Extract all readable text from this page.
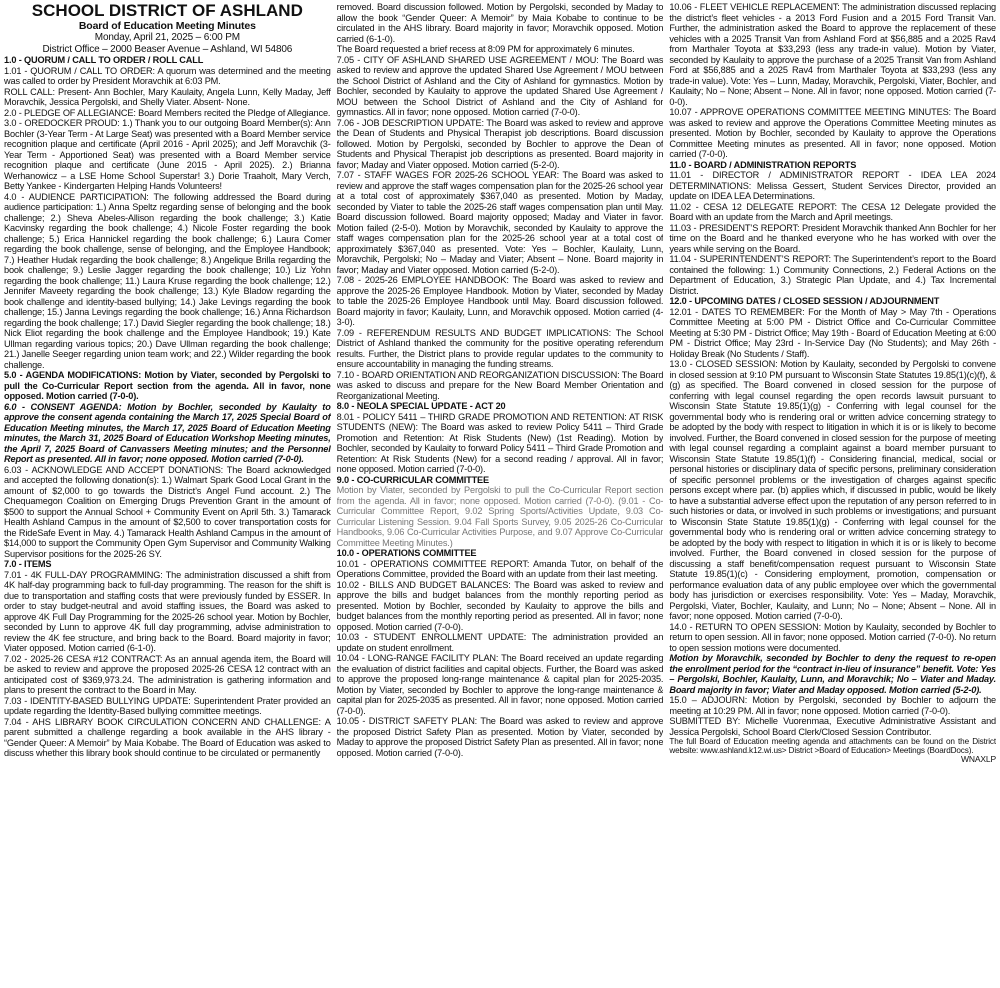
SCHOOL DISTRICT OF ASHLAND
Board of Education Meeting Minutes
Monday, April 21, 2025 – 6:00 PM
District Office – 2000 Beaser Avenue – Ashland, WI 54806

1.0 - QUORUM / CALL TO ORDER / ROLL CALL

1.01 - QUORUM / CALL TO ORDER: A quorum was determined and the meeting was called to order by President Moravchik at 6:03 PM.

ROLL CALL: Present- Ann Bochler, Mary Kaulaity, Angela Lunn, Kelly Maday, Jeff Moravchik, Jessica Pergolski, and Shelly Viater. Absent- None.

2.0 - PLEDGE OF ALLEGIANCE: Board Members recited the Pledge of Allegiance.

3.0 - OREDOCKER PROUD: 1.) Thank you to our outgoing Board Member(s): Ann Bochler (3-Year Term - At Large Seat) was presented with a Board Member service recognition plaque and certificate (April 2016 - April 2025); and Jeff Moravchik (3-Year Term - Apportioned Seat) was presented with a Board Member service recognition plaque and certificate (June 2015 - April 2025). 2.) Brianna Werhanowicz – a LSE Home School Superstar! 3.) Dorie Traaholt, Mary Verch, Betty Yankee - Kindergarten Helping Hands Volunteers!

4.0 - AUDIENCE PARTICIPATION: The following addressed the Board during audience participation: 1.) Anna Speltz regarding sense of belonging and the book challenge; 2.) Sheva Abeles-Allison regarding the book challenge; 3.) Katie Kacvinsky regarding the book challenge; 4.) Nicole Foster regarding the book challenge; 5.) Erica Hannickel regarding the book challenge; 6.) Laura Comer regarding the book challenge, sense of belonging, and the Employee Handbook; 7.) Heather Hudak regarding the book challenge; 8.) Angelique Brilla regarding the book challenge; 9.) Leslie Jagger regarding the book challenge; 10.) Liz Yohn regarding the book challenge; 11.) Laura Kruse regarding the book challenge; 12.) Jennifer Maveety regarding the book challenge; 13.) Kyle Bladow regarding the book challenge and identity-based bullying; 14.) Jake Levings regarding the book challenge; 15.) Janna Levings regarding the book challenge; 16.) Anna Richardson regarding the book challenge; 17.) David Siegler regarding the book challenge; 18.) Nick Eliot regarding the book challenge and the Employee Handbook; 19.) Kate Ullman regarding various topics; 20.) Dave Ullman regarding the book challenge; 21.) Janelle Seeger regarding union team work; and 22.) Wilder regarding the book challenge.

5.0 - AGENDA MODIFICATIONS: Motion by Viater, seconded by Pergolski to pull the Co-Curricular Report section from the agenda. All in favor, none opposed. Motion carried (7-0-0).

6.0 - CONSENT AGENDA: Motion by Bochler, seconded by Kaulaity to approve the consent agenda containing the March 17, 2025 Special Board of Education Meeting minutes, the March 17, 2025 Board of Education Meeting minutes, the March 31, 2025 Board of Education Workshop Meeting minutes, the April 7, 2025 Board of Canvassers Meeting minutes; and the Personnel Report as presented. All in favor; none opposed. Motion carried (7-0-0).

6.03 - ACKNOWLEDGE AND ACCEPT DONATIONS: The Board acknowledged and accepted the following donation(s): 1.) Walmart Spark Good Local Grant in the amount of $2,000 to go towards the District’s Angel Fund account. 2.) The Chequamegon Coalition on Emerging Drugs Prevention Grant in the amount of $500 to support the Annual School + Community Event on April 5th. 3.) Tamarack Health Ashland Campus in the amount of $2,500 to cover transportation costs for the RideSafe Event in May. 4.) Tamarack Health Ashland Campus in the amount of $14,000 to support the Community Open Gym Supervisor and Community Walking Supervisor positions for the 2025-26 SY.

7.0 - ITEMS

7.01 - 4K FULL-DAY PROGRAMMING: The administration discussed a shift from 4K half-day programming back to full-day programming. The reason for the shift is due to transportation and staffing costs that were previously funded by ESSER. In order to stay budget-neutral and avoid staffing issues, the Board was asked to approve 4K Full Day Programming for the 2025-26 school year. Motion by Bochler, seconded by Lunn to approve 4K full day programming, advise administration to review the 4K fee structure, and bring back to the Board. Board majority in favor; Viater opposed. Motion carried (6-1-0).

7.02 - 2025-26 CESA #12 CONTRACT: As an annual agenda item, the Board will be asked to review and approve the proposed 2025-26 CESA 12 contract with an anticipated cost of $369,973.24. The administration is gathering information and plans to present the contract to the Board in May.

7.03 - IDENTITY-BASED BULLYING UPDATE: Superintendent Prater provided an update regarding the Identity-Based bullying committee meetings.

7.04 - AHS LIBRARY BOOK CIRCULATION CONCERN AND CHALLENGE: A parent submitted a challenge regarding a book available in the AHS library - “Gender Queer: A Memoir” by Maia Kobabe. The Board of Education was asked to discuss whether this library book should continue to be circulated or permanently

removed. Board discussion followed. Motion by Pergolski, seconded by Maday to allow the book “Gender Queer: A Memoir” by Maia Kobabe to continue to be circulated in the AHS library. Board majority in favor; Moravchik opposed. Motion carried (6-1-0).

The Board requested a brief recess at 8:09 PM for approximately 6 minutes.

7.05 - CITY OF ASHLAND SHARED USE AGREEMENT / MOU: The Board was asked to review and approve the updated Shared Use Agreement / MOU between the School District of Ashland and the City of Ashland for gymnastics. Motion by Bochler, seconded by Kaulaity to approve the updated Shared Use Agreement / MOU between the School District of Ashland and the City of Ashland for gymnastics. All in favor; none opposed. Motion carried (7-0-0).

7.06 - JOB DESCRIPTION UPDATE: The Board was asked to review and approve the Dean of Students and Physical Therapist job descriptions. Board discussion followed. Motion by Pergolski, seconded by Bochler to approve the Dean of Students and Physical Therapist job descriptions as presented. Board majority in favor; Maday and Viater opposed. Motion carried (5-2-0).

7.07 - STAFF WAGES FOR 2025-26 SCHOOL YEAR: The Board was asked to review and approve the staff wages compensation plan for the 2025-26 school year at a total cost of approximately $367,040 as presented. Motion by Maday, seconded by Viater to table the 2025-26 staff wages compensation plan until May. Board discussion followed. Board majority opposed; Maday and Viater in favor. Motion failed (2-5-0). Motion by Moravchik, seconded by Kaulaity to approve the staff wages compensation plan for the 2025-26 school year at a total cost of approximately $367,040 as presented. Vote: Yes – Bochler, Kaulaity, Lunn, Moravchik, Pergolski; No – Maday and Viater; Absent – None. Board majority in favor; Maday and Viater opposed. Motion carried (5-2-0).

7.08 - 2025-26 EMPLOYEE HANDBOOK: The Board was asked to review and approve the 2025-26 Employee Handbook. Motion by Viater, seconded by Maday to table the 2025-26 Employee Handbook until May. Board discussion followed. Board majority in favor; Kaulaity, Lunn, and Moravchik opposed. Motion carried (4-3-0).

7.09 - REFERENDUM RESULTS AND BUDGET IMPLICATIONS: The School District of Ashland thanked the community for the positive operating referendum results. Further, the District plans to provide regular updates to the community to ensure accountability in managing the funding streams.

7.10 - BOARD ORIENTATION AND REORGANIZATION DISCUSSION: The Board was asked to discuss and prepare for the New Board Member Orientation and Reorganizational Meeting.

8.0 - NEOLA SPECIAL UPDATE - ACT 20

8.01 - POLICY 5411 – THIRD GRADE PROMOTION AND RETENTION: AT RISK STUDENTS (NEW): The Board was asked to review Policy 5411 – Third Grade Promotion and Retention: At Risk Students (New) (1st Reading). Motion by Bochler, seconded by Kaulaity to forward Policy 5411 – Third Grade Promotion and Retention: At Risk Students (New) for a second reading / approval. All in favor; none opposed. Motion carried (7-0-0).

9.0 - CO-CURRICULAR COMMITTEE

Motion by Viater, seconded by Pergolski to pull the Co-Curricular Report section from the agenda. All in favor; none opposed. Motion carried (7-0-0). (9.01 - Co-Curricular Committee Report, 9.02 Spring Sports/Activities Update, 9.03 Co-Curricular Listening Session. 9.04 Fall Sports Survey, 9.05 2025-26 Co-Curricular Handbooks, 9.06 Co-Curricular Activities Purpose, and 9.07 Approve Co-Curricular Committee Meeting Minutes.)

10.0 - OPERATIONS COMMITTEE

10.01 - OPERATIONS COMMITTEE REPORT: Amanda Tutor, on behalf of the Operations Committee, provided the Board with an update from their last meeting.

10.02 - BILLS AND BUDGET BALANCES: The Board was asked to review and approve the bills and budget balances from the monthly reporting period as presented. Motion by Bochler, seconded by Kaulaity to approve the bills and budget balances from the monthly reporting period as presented. All in favor; none opposed. Motion carried (7-0-0).

10.03 - STUDENT ENROLLMENT UPDATE: The administration provided an update on student enrollment.

10.04 - LONG-RANGE FACILITY PLAN: The Board received an update regarding the evaluation of district facilities and capital objects. Further, the Board was asked to approve the proposed long-range maintenance & capital plan for 2025-2035. Motion by Viater, seconded by Bochler to approve the long-range maintenance & capital plan for 2025-2035 as presented. All in favor; none opposed. Motion carried (7-0-0).

10.05 - DISTRICT SAFETY PLAN: The Board was asked to review and approve the proposed District Safety Plan as presented. Motion by Viater, seconded by Maday to approve the proposed District Safety Plan as presented. All in favor; none opposed. Motion carried (7-0-0).

10.06 - FLEET VEHICLE REPLACEMENT: The administration discussed replacing the district’s fleet vehicles - a 2013 Ford Fusion and a 2015 Ford Transit Van. Further, the administration asked the Board to approve the replacement of these vehicles with a 2025 Transit Van from Ashland Ford at $56,885 and a 2025 Rav4 from Marthaler Toyota at $33,293 (less any trade-in value). Motion by Viater, seconded by Kaulaity to approve the purchase of a 2025 Transit Van from Ashland Ford at $56,885 and a 2025 Rav4 from Marthaler Toyota at $33,293 (less any trade-in value). Vote: Yes – Lunn, Maday, Moravchik, Pergolski, Viater, Bochler, and Kaulaity; No – None; Absent – None. All in favor; none opposed. Motion carried (7-0-0).

10.07 - APPROVE OPERATIONS COMMITTEE MEETING MINUTES: The Board was asked to review and approve the Operations Committee Meeting minutes as presented. Motion by Bochler, seconded by Kaulaity to approve the Operations Committee Meeting minutes as presented. All in favor; none opposed. Motion carried (7-0-0).

11.0 - BOARD / ADMINISTRATION REPORTS

11.01 - DIRECTOR / ADMINISTRATOR REPORT - IDEA LEA 2024 DETERMINATIONS: Melissa Gessert, Student Services Director, provided an update on IDEA LEA Determinations.

11.02 - CESA 12 DELEGATE REPORT: The CESA 12 Delegate provided the Board with an update from the March and April meetings.

11.03 - PRESIDENT’S REPORT: President Moravchik thanked Ann Bochler for her time on the Board and he thanked everyone who he has worked with over the years while serving on the Board.

11.04 - SUPERINTENDENT’S REPORT: The Superintendent’s report to the Board contained the following: 1.) Community Connections, 2.) Federal Actions on the Department of Education, 3.) Strategic Plan Update, and 4.) Tax Incremental District.

12.0 - UPCOMING DATES / CLOSED SESSION / ADJOURNMENT

12.01 - DATES TO REMEMBER: For the Month of May > May 7th - Operations Committee Meeting at 5:00 PM - District Office and Co-Curricular Committee Meeting at 5:30 PM - District Office; May 19th - Board of Education Meeting at 6:00 PM - District Office; May 23rd - In-Service Day (No Students); and May 26th - Holiday Break (No Students / Staff).

13.0 - CLOSED SESSION: Motion by Kaulaity, seconded by Pergolski to convene in closed session at 9:10 PM pursuant to Wisconsin State Statutes 19.85(1)(c)(f), & (g) as specified. The Board convened in closed session for the purpose of conferring with legal counsel regarding the open records lawsuit pursuant to Wisconsin State Statute 19.85(1)(g) - Conferring with legal counsel for the governmental body who is rendering oral or written advice concerning strategy to be adopted by the body with respect to litigation in which it is or is likely to become involved. Further, the Board convened in closed session for the purpose of meeting with legal counsel regarding a complaint against a board member pursuant to Wisconsin State Statute 19.85(1)(f) - Considering financial, medical, social or personal histories or disciplinary data of specific persons, preliminary consideration of specific personnel problems or the investigation of charges against specific persons except where par. (b) applies which, if discussed in public, would be likely to have a substantial adverse effect upon the reputation of any person referred to in such histories or data, or involved in such problems or investigations; and pursuant to Wisconsin State Statute 19.85(1)(g) - Conferring with legal counsel for the governmental body who is rendering oral or written advice concerning strategy to be adopted by the body with respect to litigation in which it is or is likely to become involved. Further, the Board convened in closed session for the purpose of discussing a staff benefit/compensation request pursuant to Wisconsin State Statute 19.85(1)(c) - Considering employment, promotion, compensation or performance evaluation data of any public employee over which the governmental body has jurisdiction or exercises responsibility. Vote: Yes – Maday, Moravchik, Pergolski, Viater, Bochler, Kaulaity, and Lunn; No – None; Absent – None. All in favor; none opposed. Motion carried (7-0-0).

14.0 - RETURN TO OPEN SESSION: Motion by Kaulaity, seconded by Bochler to return to open session. All in favor; none opposed. Motion carried (7-0-0). No return to open session motions were documented.

Motion by Moravchik, seconded by Bochler to deny the request to re-open the enrollment period for the “contract in-lieu of insurance” benefit. Vote: Yes – Pergolski, Bochler, Kaulaity, Lunn, and Moravchik; No – Viater and Maday. Board majority in favor; Viater and Maday opposed. Motion carried (5-2-0).

15.0 – ADJOURN: Motion by Pergolski, seconded by Bochler to adjourn the meeting at 10:29 PM. All in favor; none opposed. Motion carried (7-0-0).

SUBMITTED BY: Michelle Vuorenmaa, Executive Administrative Assistant and Jessica Pergolski, School Board Clerk/Closed Session Contributor.

The full Board of Education meeting agenda and attachments can be found on the District website: www.ashland.k12.wi.us> District >Board of Education> Meetings (BoardDocs).

WNAXLP
